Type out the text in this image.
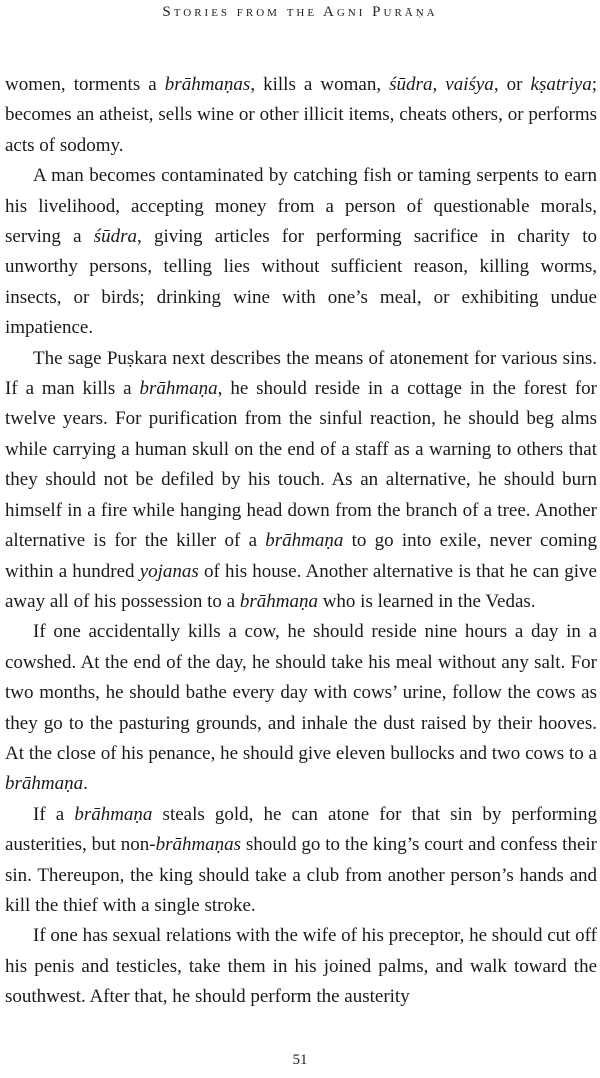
Stories from the Agni Purāṇa

women, torments a brāhmaṇas, kills a woman, śūdra, vaiśya, or kṣatriya; becomes an atheist, sells wine or other illicit items, cheats others, or performs acts of sodomy.

A man becomes contaminated by catching fish or taming serpents to earn his livelihood, accepting money from a person of questionable morals, serving a śūdra, giving articles for performing sacrifice in charity to unworthy persons, telling lies without sufficient reason, killing worms, insects, or birds; drinking wine with one’s meal, or exhibiting undue impatience.

The sage Puṣkara next describes the means of atonement for various sins. If a man kills a brāhmaṇa, he should reside in a cottage in the forest for twelve years. For purification from the sinful reaction, he should beg alms while carrying a human skull on the end of a staff as a warning to others that they should not be defiled by his touch. As an alternative, he should burn himself in a fire while hanging head down from the branch of a tree. Another alternative is for the killer of a brāhmaṇa to go into exile, never coming within a hundred yojanas of his house. Another alternative is that he can give away all of his possession to a brāhmaṇa who is learned in the Vedas.

If one accidentally kills a cow, he should reside nine hours a day in a cowshed. At the end of the day, he should take his meal without any salt. For two months, he should bathe every day with cows’ urine, follow the cows as they go to the pasturing grounds, and inhale the dust raised by their hooves. At the close of his penance, he should give eleven bullocks and two cows to a brāhmaṇa.

If a brāhmaṇa steals gold, he can atone for that sin by performing austerities, but non-brāhmaṇas should go to the king’s court and confess their sin. Thereupon, the king should take a club from another person’s hands and kill the thief with a single stroke.

If one has sexual relations with the wife of his preceptor, he should cut off his penis and testicles, take them in his joined palms, and walk toward the southwest. After that, he should perform the austerity

51
